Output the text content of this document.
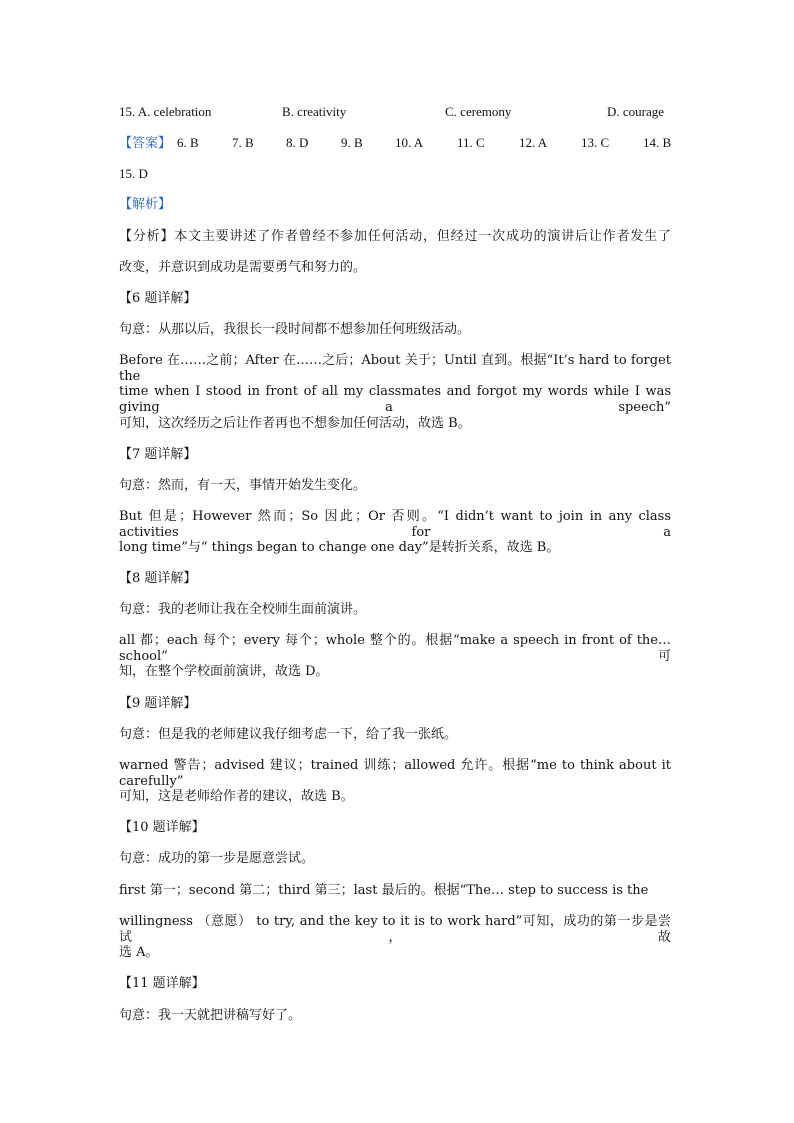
15. A. celebration	B. creativity	C. ceremony	D. courage
【答案】 6. B	7. B 8. D	9. B 10. A	11. C	12. A	13. C	14. B
15. D
【解析】
【分析】本文主要讲述了作者曾经不参加任何活动，但经过一次成功的演讲后让作者发生了
改变，并意识到成功是需要勇气和努力的。
【6 题详解】
句意：从那以后，我很长一段时间都不想参加任何班级活动。
Before 在……之前；After 在……之后；About 关于；Until 直到。根据“It’s hard to forget the
time when I stood in front of all my classmates and forgot my words while I was giving a speech”
可知，这次经历之后让作者再也不想参加任何活动，故选 B。
【7 题详解】
句意：然而，有一天，事情开始发生变化。
But 但是；However 然而；So 因此；Or 否则。“I didn’t want to join in any class activities for a
long time”与“ things began to change one day”是转折关系，故选 B。
【8 题详解】
句意：我的老师让我在全校师生面前演讲。
all 都；each 每个；every 每个；whole 整个的。根据“make a speech in front of the…school”可
知，在整个学校面前演讲，故选 D。
【9 题详解】
句意：但是我的老师建议我仔细考虑一下，给了我一张纸。
warned 警告；advised 建议；trained 训练；allowed 允许。根据“me to think about it carefully”
可知，这是老师给作者的建议，故选 B。
【10 题详解】
句意：成功的第一步是愿意尝试。
first 第一；second 第二；third 第三；last 最后的。根据“The… step to success is the
willingness （意愿） to try, and the key to it is to work hard”可知，成功的第一步是尝试，故
选 A。
【11 题详解】
句意：我一天就把讲稿写好了。
